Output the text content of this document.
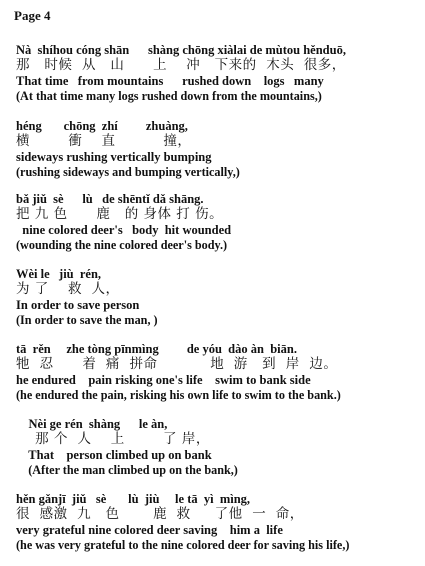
Page 4
Nà  shíhou cóng shān      shàng chōng xiàlai de mùtou hěnduō,
那   时候  从   山      上    冲   下来的  木头  很多，
That time   from mountains      rushed down    logs   many
(At that time many logs rushed down from the mountains,)
héng       chōng  zhí         zhuàng,
横        衝    直          撞，
sideways rushing vertically bumping
(rushing sideways and bumping vertically,)
bǎ jiǔ  sè      lù   de shēntǐ dǎ shāng.
把 九 色      鹿   的 身体 打 伤。
nine colored deer's   body  hit wounded
(wounding the nine colored deer's body.)
Wèi le   jiù  rén,
为 了    救  人，
In order to save person
(In order to save the man, )
tā  rěn     zhe tòng pīnmìng         de yóu  dào àn  biān.
牠  忍      着  痛  拼命           地  游   到  岸  边。
he endured    pain risking one's life    swim to bank side
(he endured the pain, risking his own life to swim to the bank.)
Nèi ge rén  shàng      le àn,
那 个  人    上        了 岸，
That    person climbed up on bank
(After the man climbed up on the bank,)
hěn gǎnjī  jiǔ   sè       lù  jiù     le tā  yì  mìng,
很  感激  九   色       鹿  救     了他  一  命，
very grateful nine colored deer saving    him a  life
(he was very grateful to the nine colored deer for saving his life,)
